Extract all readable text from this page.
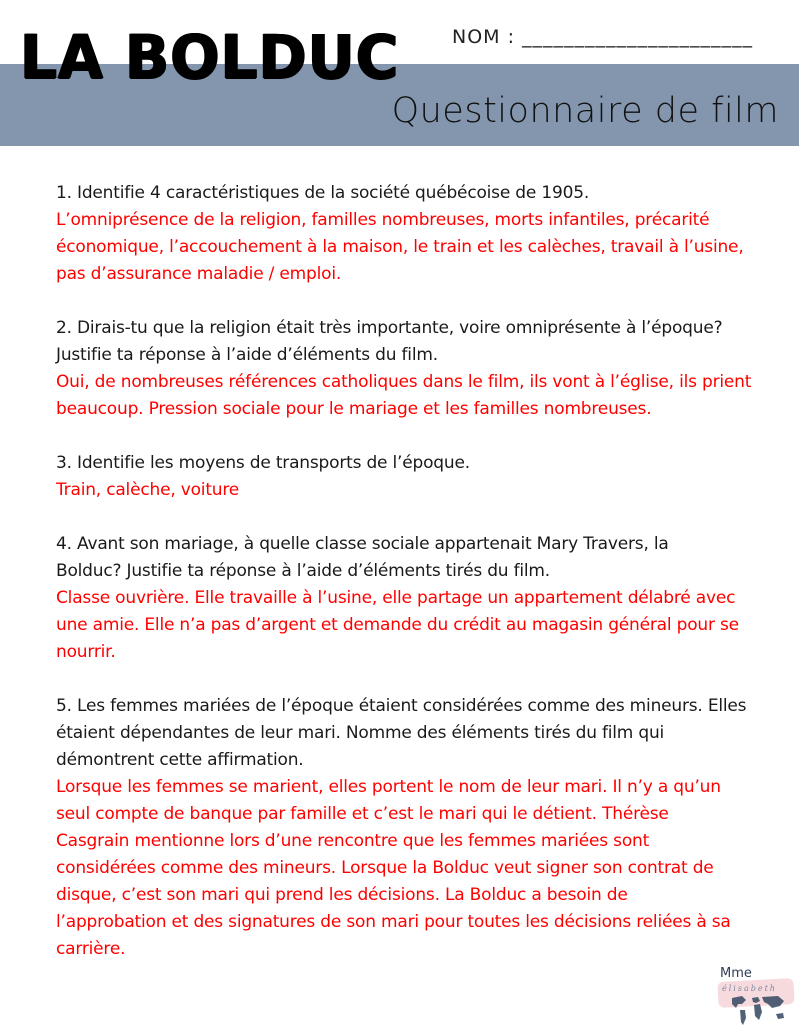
LA BOLDUC	NOM : ______________________
Questionnaire de film

1. Identifie 4 caractéristiques de la société québécoise de 1905.

L’omniprésence de la religion, familles nombreuses, morts infantiles, précarité

économique, l’accouchement à la maison, le train et les calèches, travail à l’usine,

pas d’assurance maladie / emploi.

2. Dirais-tu que la religion était très importante, voire omniprésente à l’époque?

Justifie ta réponse à l’aide d’éléments du film.

Oui, de nombreuses références catholiques dans le film, ils vont à l’église, ils prient

beaucoup. Pression sociale pour le mariage et les familles nombreuses.

3. Identifie les moyens de transports de l’époque.

Train, calèche, voiture

4. Avant son mariage, à quelle classe sociale appartenait Mary Travers, la

Bolduc? Justifie ta réponse à l’aide d’éléments tirés du film.

Classe ouvrière. Elle travaille à l’usine, elle partage un appartement délabré avec

une amie. Elle n’a pas d’argent et demande du crédit au magasin général pour se

nourrir.

5. Les femmes mariées de l’époque étaient considérées comme des mineurs. Elles

étaient dépendantes de leur mari. Nomme des éléments tirés du film qui

démontrent cette affirmation.

Lorsque les femmes se marient, elles portent le nom de leur mari. Il n’y a qu’un

seul compte de banque par famille et c’est le mari qui le détient. Thérèse

Casgrain mentionne lors d’une rencontre que les femmes mariées sont

considérées comme des mineurs. Lorsque la Bolduc veut signer son contrat de

disque, c’est son mari qui prend les décisions. La Bolduc a besoin de

l’approbation et des signatures de son mari pour toutes les décisions reliées à sa

carrière.

Mme
élisabeth
